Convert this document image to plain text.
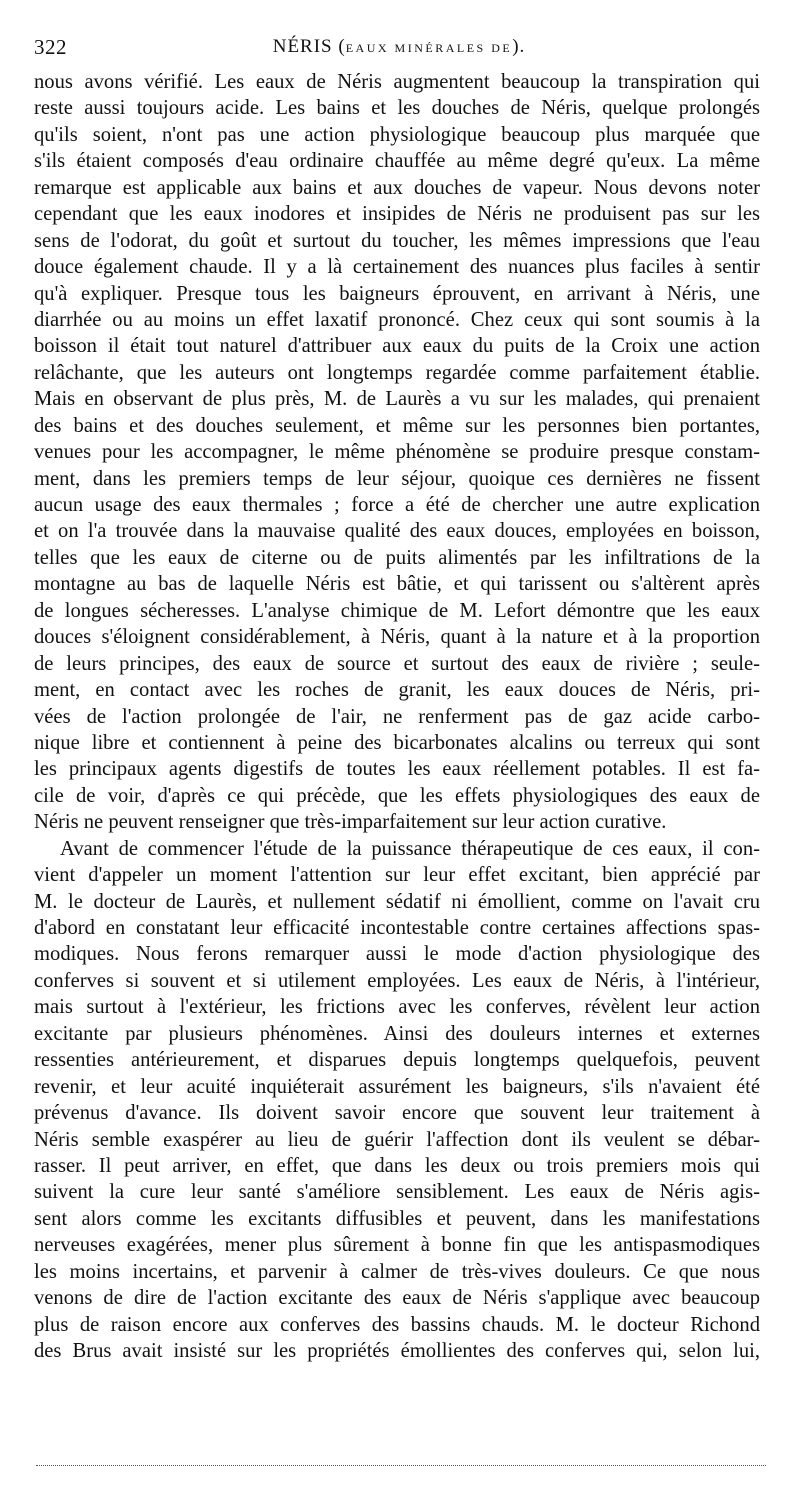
322	NÉRIS (EAUX MINÉRALES DE).
nous avons vérifié. Les eaux de Néris augmentent beaucoup la transpiration qui
reste aussi toujours acide. Les bains et les douches de Néris, quelque prolongés
qu'ils soient, n'ont pas une action physiologique beaucoup plus marquée que
s'ils étaient composés d'eau ordinaire chauffée au même degré qu'eux. La même
remarque est applicable aux bains et aux douches de vapeur. Nous devons noter
cependant que les eaux inodores et insipides de Néris ne produisent pas sur les
sens de l'odorat, du goût et surtout du toucher, les mêmes impressions que l'eau
douce également chaude. Il y a là certainement des nuances plus faciles à sentir
qu'à expliquer. Presque tous les baigneurs éprouvent, en arrivant à Néris, une
diarrhée ou au moins un effet laxatif prononcé. Chez ceux qui sont soumis à la
boisson il était tout naturel d'attribuer aux eaux du puits de la Croix une action
relâchante, que les auteurs ont longtemps regardée comme parfaitement établie.
Mais en observant de plus près, M. de Laurès a vu sur les malades, qui prenaient
des bains et des douches seulement, et même sur les personnes bien portantes,
venues pour les accompagner, le même phénomène se produire presque constam-
ment, dans les premiers temps de leur séjour, quoique ces dernières ne fissent
aucun usage des eaux thermales ; force a été de chercher une autre explication
et on l'a trouvée dans la mauvaise qualité des eaux douces, employées en boisson,
telles que les eaux de citerne ou de puits alimentés par les infiltrations de la
montagne au bas de laquelle Néris est bâtie, et qui tarissent ou s'altèrent après
de longues sécheresses. L'analyse chimique de M. Lefort démontre que les eaux
douces s'éloignent considérablement, à Néris, quant à la nature et à la proportion
de leurs principes, des eaux de source et surtout des eaux de rivière ; seule-
ment, en contact avec les roches de granit, les eaux douces de Néris, pri-
vées de l'action prolongée de l'air, ne renferment pas de gaz acide carbo-
nique libre et contiennent à peine des bicarbonates alcalins ou terreux qui sont
les principaux agents digestifs de toutes les eaux réellement potables. Il est fa-
cile de voir, d'après ce qui précède, que les effets physiologiques des eaux de
Néris ne peuvent renseigner que très-imparfaitement sur leur action curative.
Avant de commencer l'étude de la puissance thérapeutique de ces eaux, il con-
vient d'appeler un moment l'attention sur leur effet excitant, bien apprécié par
M. le docteur de Laurès, et nullement sédatif ni émollient, comme on l'avait cru
d'abord en constatant leur efficacité incontestable contre certaines affections spas-
modiques. Nous ferons remarquer aussi le mode d'action physiologique des
conferves si souvent et si utilement employées. Les eaux de Néris, à l'intérieur,
mais surtout à l'extérieur, les frictions avec les conferves, révèlent leur action
excitante par plusieurs phénomènes. Ainsi des douleurs internes et externes
ressenties antérieurement, et disparues depuis longtemps quelquefois, peuvent
revenir, et leur acuité inquiéterait assurément les baigneurs, s'ils n'avaient été
prévenus d'avance. Ils doivent savoir encore que souvent leur traitement à
Néris semble exaspérer au lieu de guérir l'affection dont ils veulent se débar-
rasser. Il peut arriver, en effet, que dans les deux ou trois premiers mois qui
suivent la cure leur santé s'améliore sensiblement. Les eaux de Néris agis-
sent alors comme les excitants diffusibles et peuvent, dans les manifestations
nerveuses exagérées, mener plus sûrement à bonne fin que les antispasmodiques
les moins incertains, et parvenir à calmer de très-vives douleurs. Ce que nous
venons de dire de l'action excitante des eaux de Néris s'applique avec beaucoup
plus de raison encore aux conferves des bassins chauds. M. le docteur Richond
des Brus avait insisté sur les propriétés émollientes des conferves qui, selon lui,
